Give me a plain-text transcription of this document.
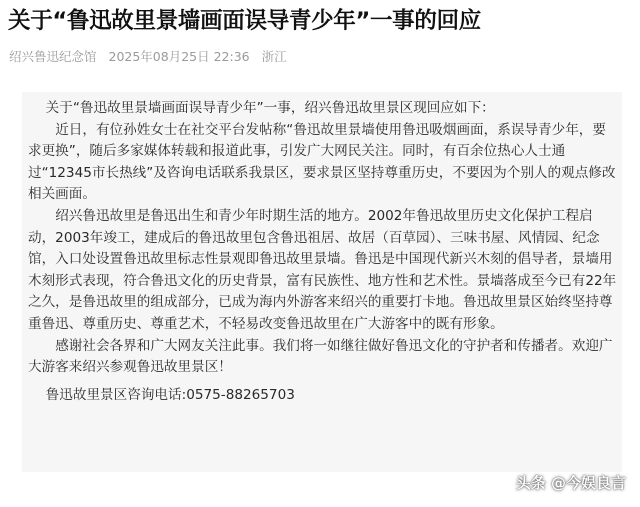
关于“鲁迅故里景墙画面误导青少年”一事的回应
绍兴鲁迅纪念馆 2025年08月25日 22:36 浙江

关于“鲁迅故里景墙画面误导青少年”一事，绍兴鲁迅故里景区现回应如下：

近日，有位孙姓女士在社交平台发帖称“鲁迅故里景墙使用鲁迅吸烟画面，系误导青少年，要求更换”，随后多家媒体转载和报道此事，引发广大网民关注。同时，有百余位热心人士通过“12345市长热线”及咨询电话联系我景区，要求景区坚持尊重历史，不要因为个别人的观点修改相关画面。

绍兴鲁迅故里是鲁迅出生和青少年时期生活的地方。2002年鲁迅故里历史文化保护工程启动，2003年竣工，建成后的鲁迅故里包含鲁迅祖居、故居（百草园）、三味书屋、风情园、纪念馆，入口处设置鲁迅故里标志性景观即鲁迅故里景墙。鲁迅是中国现代新兴木刻的倡导者，景墙用木刻形式表现，符合鲁迅文化的历史背景，富有民族性、地方性和艺术性。景墙落成至今已有22年之久，是鲁迅故里的组成部分，已成为海内外游客来绍兴的重要打卡地。鲁迅故里景区始终坚持尊重鲁迅、尊重历史、尊重艺术，不轻易改变鲁迅故里在广大游客中的既有形象。

感谢社会各界和广大网友关注此事。我们将一如继往做好鲁迅文化的守护者和传播者。欢迎广大游客来绍兴参观鲁迅故里景区！

鲁迅故里景区咨询电话:0575-88265703

头条 @今娱良言
